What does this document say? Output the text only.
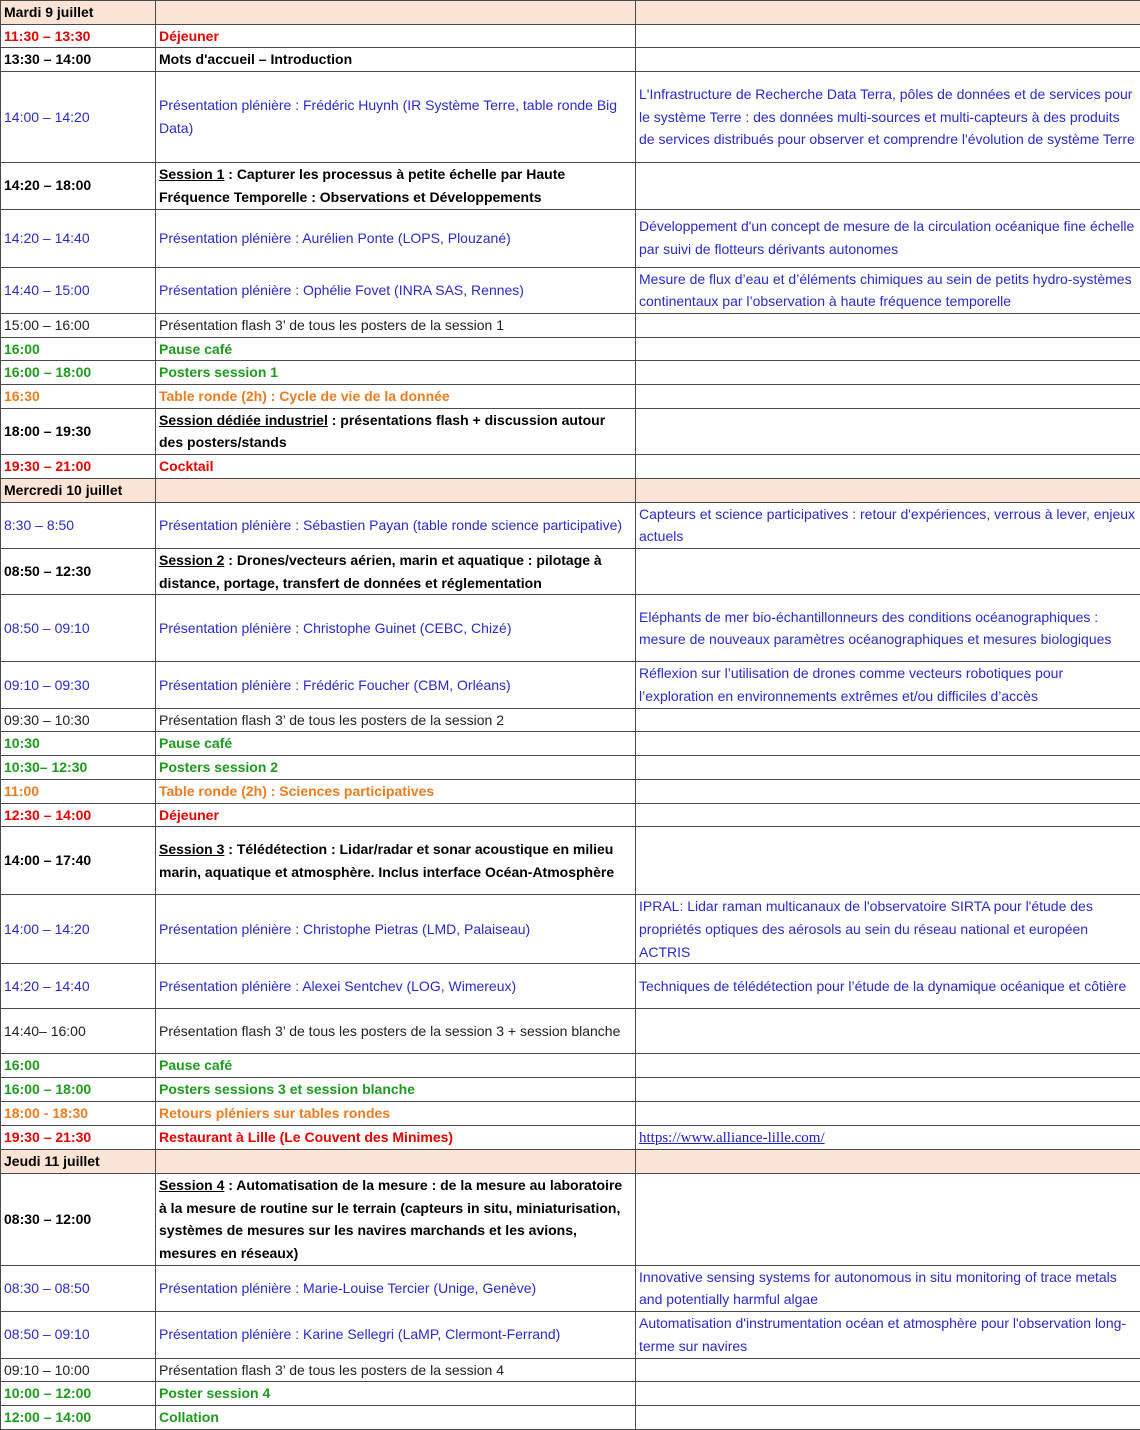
Mardi 9 juillet		
11:30 – 13:30	Déjeuner	
13:30 – 14:00	Mots d'accueil – Introduction	
14:00 – 14:20	Présentation plénière : Frédéric Huynh (IR Système Terre, table ronde Big Data)	L'Infrastructure de Recherche Data Terra, pôles de données et de services pour le système Terre : des données multi-sources et multi-capteurs à des produits de services distribués pour observer et comprendre l'évolution de système Terre
14:20 – 18:00	Session 1 : Capturer les processus à petite échelle par Haute Fréquence Temporelle : Observations et Développements	
14:20 – 14:40	Présentation plénière : Aurélien Ponte (LOPS, Plouzané)	Développement d'un concept de mesure de la circulation océanique fine échelle par suivi de flotteurs dérivants autonomes
14:40 – 15:00	Présentation plénière : Ophélie Fovet (INRA SAS, Rennes)	Mesure de flux d’eau et d’éléments chimiques au sein de petits hydro-systèmes continentaux par l’observation à haute fréquence temporelle
15:00 – 16:00	Présentation flash 3’ de tous les posters de la session 1	
16:00	Pause café	
16:00 – 18:00	Posters session 1	
16:30	Table ronde (2h) : Cycle de vie de la donnée	
18:00 – 19:30	Session dédiée industriel : présentations flash + discussion autour des posters/stands	
19:30 – 21:00	Cocktail	
Mercredi 10 juillet		
8:30 – 8:50	Présentation plénière : Sébastien Payan (table ronde science participative)	Capteurs et science participatives : retour d'expériences, verrous à lever, enjeux actuels
08:50 – 12:30	Session 2 : Drones/vecteurs aérien, marin et aquatique : pilotage à distance, portage, transfert de données et réglementation	
08:50 – 09:10	Présentation plénière : Christophe Guinet (CEBC, Chizé)	Eléphants de mer bio-échantillonneurs des conditions océanographiques : mesure de nouveaux paramètres océanographiques et mesures biologiques
09:10 – 09:30	Présentation plénière : Frédéric Foucher (CBM, Orléans)	Réflexion sur l’utilisation de drones comme vecteurs robotiques pour l’exploration en environnements extrêmes et/ou difficiles d’accès
09:30 – 10:30	Présentation flash 3’ de tous les posters de la session 2	
10:30	Pause café	
10:30– 12:30	Posters session 2	
11:00	Table ronde (2h) : Sciences participatives	
12:30 – 14:00	Déjeuner	
14:00 – 17:40	Session 3 : Télédétection : Lidar/radar et sonar acoustique en milieu marin, aquatique et atmosphère. Inclus interface Océan-Atmosphère	
14:00 – 14:20	Présentation plénière : Christophe Pietras (LMD, Palaiseau)	IPRAL: Lidar raman multicanaux de l'observatoire SIRTA pour l'étude des propriétés optiques des aérosols au sein du réseau national et européen ACTRIS
14:20 – 14:40	Présentation plénière : Alexei Sentchev (LOG, Wimereux)	Techniques de télédétection pour l’étude de la dynamique océanique et côtière
14:40– 16:00	Présentation flash 3’ de tous les posters de la session 3 + session blanche	
16:00	Pause café	
16:00 – 18:00	Posters sessions 3 et session blanche	
18:00 - 18:30	Retours pléniers sur tables rondes	
19:30 – 21:30	Restaurant à Lille (Le Couvent des Minimes)	https://www.alliance-lille.com/
Jeudi 11 juillet		
08:30 – 12:00	Session 4 : Automatisation de la mesure : de la mesure au laboratoire à la mesure de routine sur le terrain (capteurs in situ, miniaturisation, systèmes de mesures sur les navires marchands et les avions, mesures en réseaux)	
08:30 – 08:50	Présentation plénière : Marie-Louise Tercier (Unige, Genève)	Innovative sensing systems for autonomous in situ monitoring of trace metals and potentially harmful algae
08:50 – 09:10	Présentation plénière : Karine Sellegri (LaMP, Clermont-Ferrand)	Automatisation d'instrumentation océan et atmosphère pour l'observation long-terme sur navires
09:10 – 10:00	Présentation flash 3’ de tous les posters de la session 4	
10:00 – 12:00	Poster session 4	
12:00 – 14:00	Collation	
